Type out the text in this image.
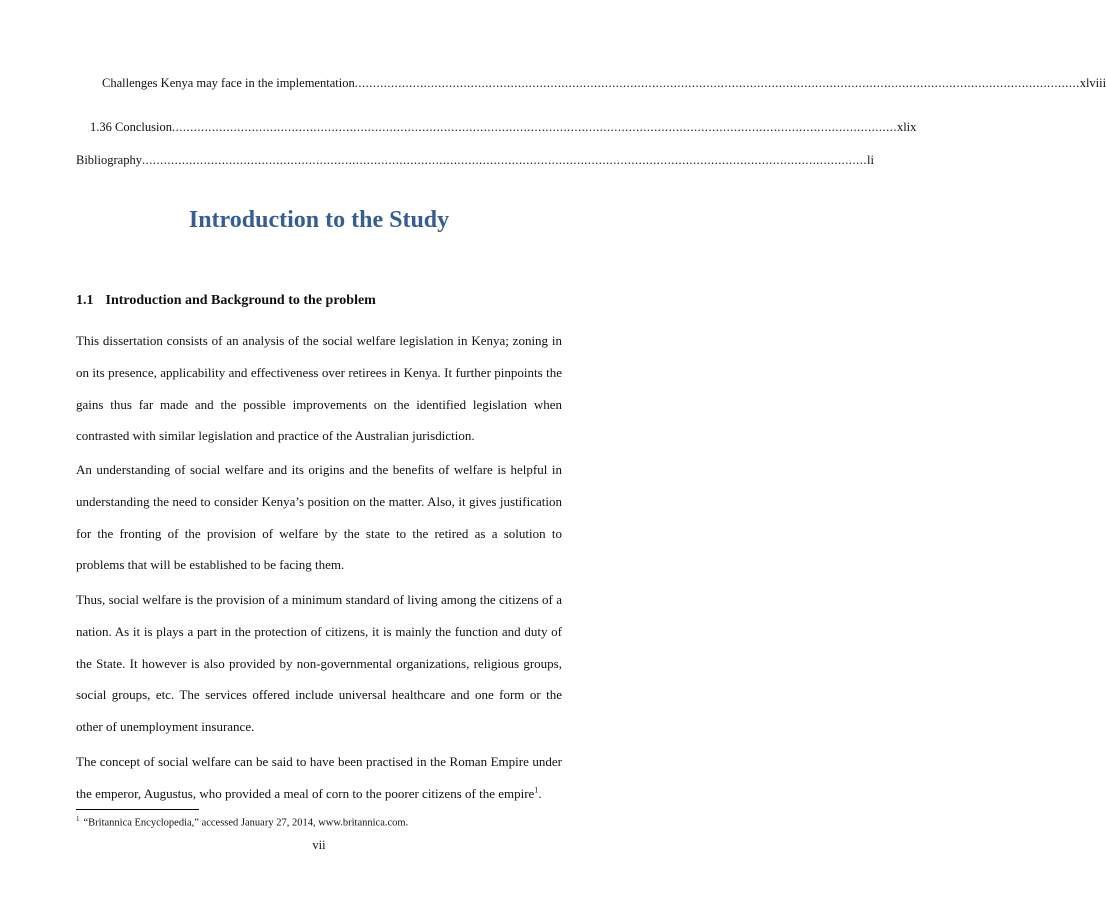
Challenges Kenya may face in the implementation ........................................................................................................................................................................................................ xlviii
1.36 Conclusion ........................................................................................................................................................................................................ xlix
Bibliography ........................................................................................................................................................................................................ li
Introduction to the Study
1.1 Introduction and Background to the problem

This dissertation consists of an analysis of the social welfare legislation in Kenya; zoning in on its presence, applicability and effectiveness over retirees in Kenya. It further pinpoints the gains thus far made and the possible improvements on the identified legislation when contrasted with similar legislation and practice of the Australian jurisdiction.

An understanding of social welfare and its origins and the benefits of welfare is helpful in understanding the need to consider Kenya’s position on the matter. Also, it gives justification for the fronting of the provision of welfare by the state to the retired as a solution to problems that will be established to be facing them.

Thus, social welfare is the provision of a minimum standard of living among the citizens of a nation. As it is plays a part in the protection of citizens, it is mainly the function and duty of the State. It however is also provided by non-governmental organizations, religious groups, social groups, etc. The services offered include universal healthcare and one form or the other of unemployment insurance.

The concept of social welfare can be said to have been practised in the Roman Empire under the emperor, Augustus, who provided a meal of corn to the poorer citizens of the empire$^1$.

$^1$ “Britannica Encyclopedia,” accessed January 27, 2014, www.britannica.com.
vii
